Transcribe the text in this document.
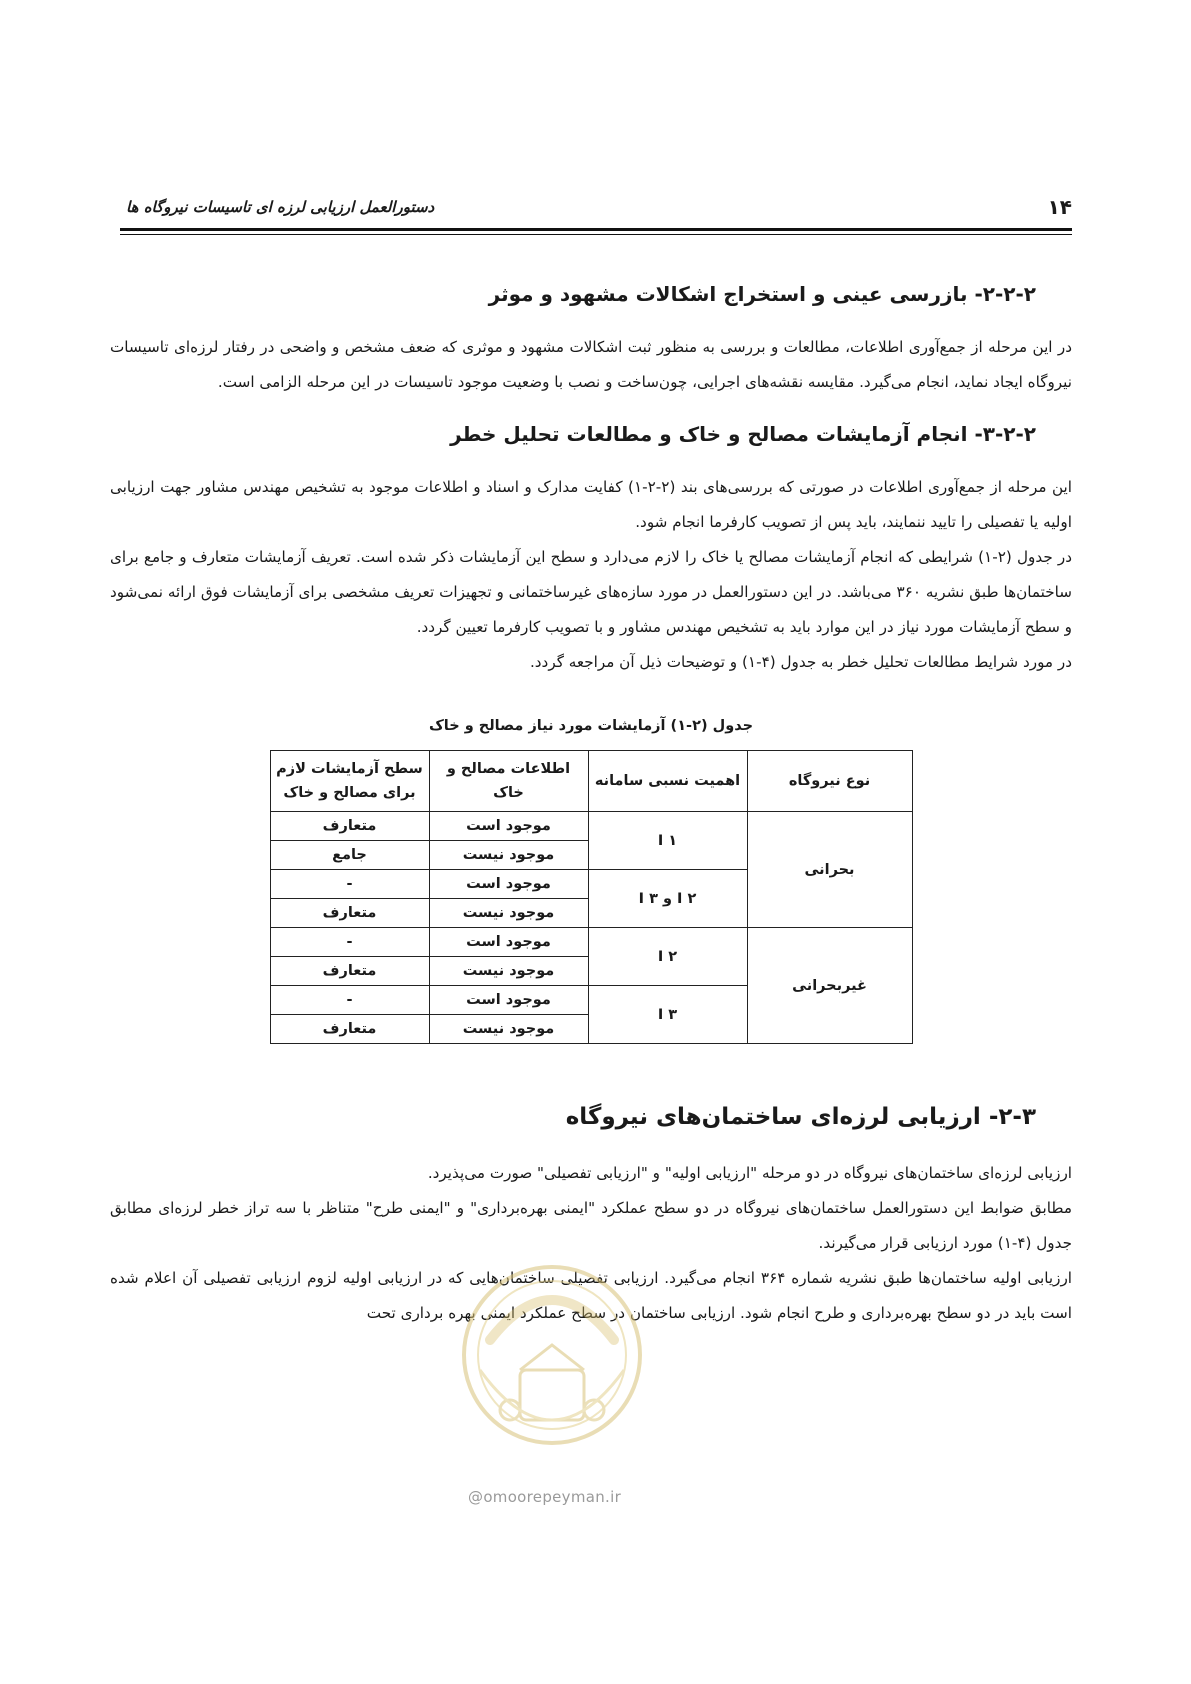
۱۴
دستورالعمل ارزیابی لرزه ای تاسیسات نیروگاه ها
۲-۲-۲- بازرسی عینی و استخراج اشکالات مشهود و موثر

در این مرحله از جمع‌آوری اطلاعات، مطالعات و بررسی به منظور ثبت اشکالات مشهود و موثری که ضعف مشخص و واضحی در رفتار لرزه‌ای تاسیسات نیروگاه ایجاد نماید، انجام می‌گیرد. مقایسه نقشه‌های اجرایی، چون‌ساخت و نصب با وضعیت موجود تاسیسات در این مرحله الزامی است.

۳-۲-۲- انجام آزمایشات مصالح و خاک و مطالعات تحلیل خطر

این مرحله از جمع‌آوری اطلاعات در صورتی که بررسی‌های بند (۲-۲-۱) کفایت مدارک و اسناد و اطلاعات موجود به تشخیص مهندس مشاور جهت ارزیابی اولیه یا تفصیلی را تایید ننمایند، باید پس از تصویب کارفرما انجام شود.

در جدول (۲-۱) شرایطی که انجام آزمایشات مصالح یا خاک را لازم می‌دارد و سطح این آزمایشات ذکر شده است. تعریف آزمایشات متعارف و جامع برای ساختمان‌ها طبق نشریه ۳۶۰ می‌باشد. در این دستورالعمل در مورد سازه‌های غیرساختمانی و تجهیزات تعریف مشخصی برای آزمایشات فوق ارائه نمی‌شود و سطح آزمایشات مورد نیاز در این موارد باید به تشخیص مهندس مشاور و با تصویب کارفرما تعیین گردد.

در مورد شرایط مطالعات تحلیل خطر به جدول (۴-۱) و توضیحات ذیل آن مراجعه گردد.

جدول (۲-۱) آزمایشات مورد نیاز مصالح و خاک
نوع نیروگاه	اهمیت نسبی سامانه	اطلاعات مصالح و خاک	سطح آزمایشات لازم برای مصالح و خاک
بحرانی	I ۱	موجود است	متعارف
		موجود نیست	جامع
	I ۲ و I ۳	موجود است	-
		موجود نیست	متعارف
غیربحرانی	I ۲	موجود است	-
		موجود نیست	متعارف
	I ۳	موجود است	-
		موجود نیست	متعارف
۲-۳- ارزیابی لرزه‌ای ساختمان‌های نیروگاه

ارزیابی لرزه‌ای ساختمان‌های نیروگاه در دو مرحله "ارزیابی اولیه" و "ارزیابی تفصیلی" صورت می‌پذیرد.

مطابق ضوابط این دستورالعمل ساختمان‌های نیروگاه در دو سطح عملکرد "ایمنی بهره‌برداری" و "ایمنی طرح" متناظر با سه تراز خطر لرزه‌ای مطابق جدول (۴-۱) مورد ارزیابی قرار می‌گیرند.

ارزیابی اولیه ساختمان‌ها طبق نشریه شماره ۳۶۴ انجام می‌گیرد. ارزیابی تفصیلی ساختمان‌هایی که در ارزیابی اولیه لزوم ارزیابی تفصیلی آن اعلام شده است باید در دو سطح بهره‌برداری و طرح انجام شود. ارزیابی ساختمان در سطح عملکرد ایمنی بهره برداری تحت

@omoorepeyman.ir
